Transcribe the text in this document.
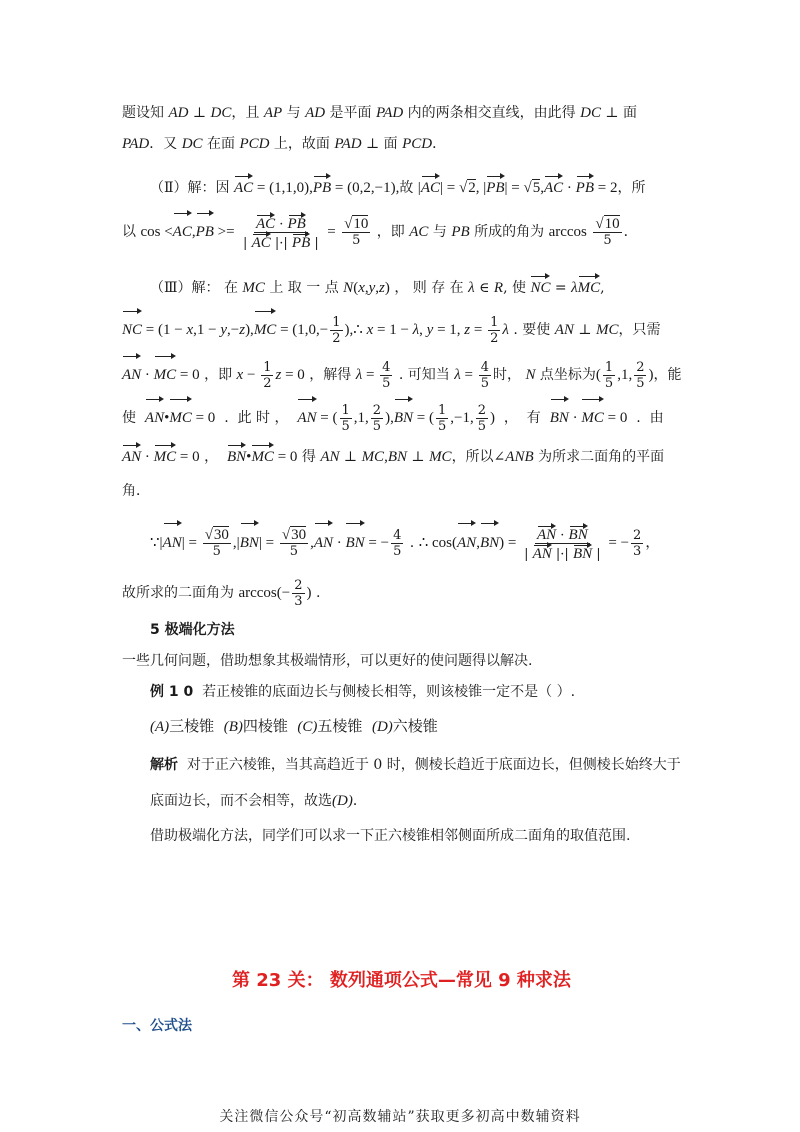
题设知 AD ⊥ DC，且 AP 与 AD 是平面 PAD 内的两条相交直线，由此得 DC ⊥ 面
PAD．又 DC 在面 PCD 上，故面 PAD ⊥ 面 PCD．
（Ⅱ）解：因 AC = (1,1,0),PB = (0,2,−1),故 |AC| = √2, |PB| = √5,AC · PB = 2，所
以 $\cos <AC,PB >= \frac{AC \cdot PB}{| AC |\cdot| PB |} = \frac{√10}{5}$ ，即 AC 与 PB 所成的角为 $\arccos \frac{√10}{5}$ ．
（Ⅲ）解： 在 MC 上 取 一 点 N(x,y,z) ， 则 存 在 λ ∈ R, 使 NC = λMC,
NC = $(1 - x,1 - y,-z),MC = (1,0,- \frac{1}{2}$ ),∴ x = 1 − λ, y = 1, $z = \frac{1}{2}$ λ . 要使 AN ⊥ MC，只需
AN · MC = 0 ，即 $x - \frac{1}{2}$ z = 0 ，解得 $\lambda = \frac{4}{5}$ . 可知当 $\lambda = \frac{4}{5}$ 时， N 点坐标为( $\frac{1}{5} ,1$, $\frac{2}{5}$ )，能
使  AN•MC = 0  .  此 时 ，  AN = ( $\frac{1}{5} ,1$, $\frac{2}{5} ),BN$ = ( $\frac{1}{5} ,-1$, $\frac{2}{5}$ )  ，  有  BN · MC = 0  .  由
AN · MC = 0 ，  BN•MC = 0 得 AN ⊥ MC,BN ⊥ MC，所以∠ANB 为所求二面角的平面
角．
∵|AN| = $\frac{√30}{5} ,|BN| = \frac{√30}{5} ,AN$ · BN = − $\frac{4}{5}$ . ∴ $\cos(AN,BN) = \frac{AN \cdot BN}{| AN |\cdot| BN |}$ = − $\frac{2}{3}$ ，
故所求的二面角为 $\arccos(- \frac{2}{3}$ ) .
5 极端化方法
一些几何问题，借助想象其极端情形，可以更好的使问题得以解决.
例 1 0 若正棱锥的底面边长与侧棱长相等，则该棱锥一定不是（ ）.
(A)三棱锥  (B)四棱锥  (C)五棱锥  (D)六棱锥
解析 对于正六棱锥，当其高趋近于 0 时，侧棱长趋近于底面边长，但侧棱长始终大于
底面边长，而不会相等，故选(D)．
借助极端化方法，同学们可以求一下正六棱锥相邻侧面所成二面角的取值范围.
第 23 关： 数列通项公式—常见 9 种求法
一、公式法
关注微信公众号“初高数辅站”获取更多初高中数辅资料
